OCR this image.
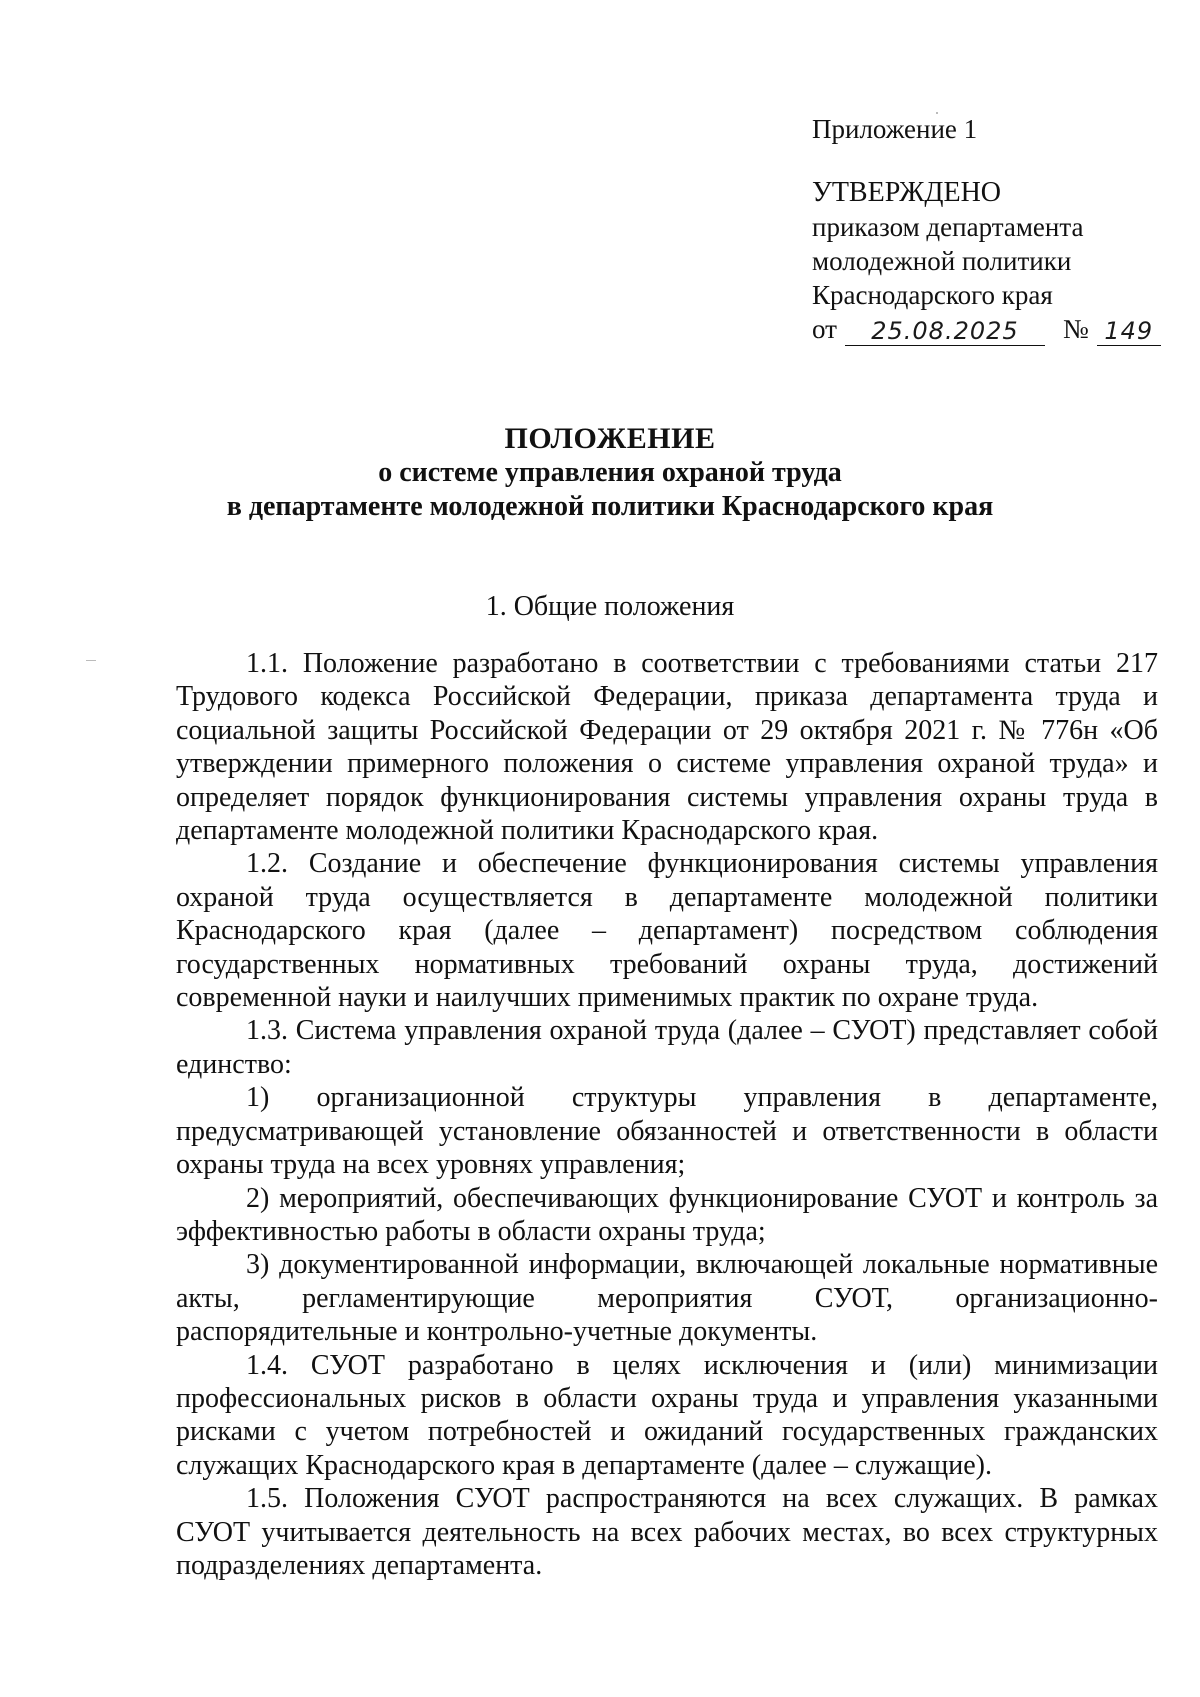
Приложение 1
УТВЕРЖДЕНО
приказом департамента
молодежной политики
Краснодарского края
от	25.08.2025	№ 149
ПОЛОЖЕНИЕ
о системе управления охраной труда
в департаменте молодежной политики Краснодарского края
1. Общие положения

1.1. Положение разработано в соответствии с требованиями статьи 217 Трудового кодекса Российской Федерации, приказа департамента труда и социальной защиты Российской Федерации от 29 октября 2021 г. № 776н «Об утверждении примерного положения о системе управления охраной труда» и определяет порядок функционирования системы управления охраны труда в департаменте молодежной политики Краснодарского края.

1.2. Создание и обеспечение функционирования системы управления охраной труда осуществляется в департаменте молодежной политики Краснодарского края (далее – департамент) посредством соблюдения государственных нормативных требований охраны труда, достижений современной науки и наилучших применимых практик по охране труда.

1.3. Система управления охраной труда (далее – СУОТ) представляет собой единство:

1) организационной структуры управления в департаменте, предусматривающей установление обязанностей и ответственности в области охраны труда на всех уровнях управления;

2) мероприятий, обеспечивающих функционирование СУОТ и контроль за эффективностью работы в области охраны труда;

3) документированной информации, включающей локальные нормативные акты, регламентирующие мероприятия СУОТ, организационно-распорядительные и контрольно-учетные документы.

1.4. СУОТ разработано в целях исключения и (или) минимизации профессиональных рисков в области охраны труда и управления указанными рисками с учетом потребностей и ожиданий государственных гражданских служащих Краснодарского края в департаменте (далее – служащие).

1.5. Положения СУОТ распространяются на всех служащих. В рамках СУОТ учитывается деятельность на всех рабочих местах, во всех структурных подразделениях департамента.
